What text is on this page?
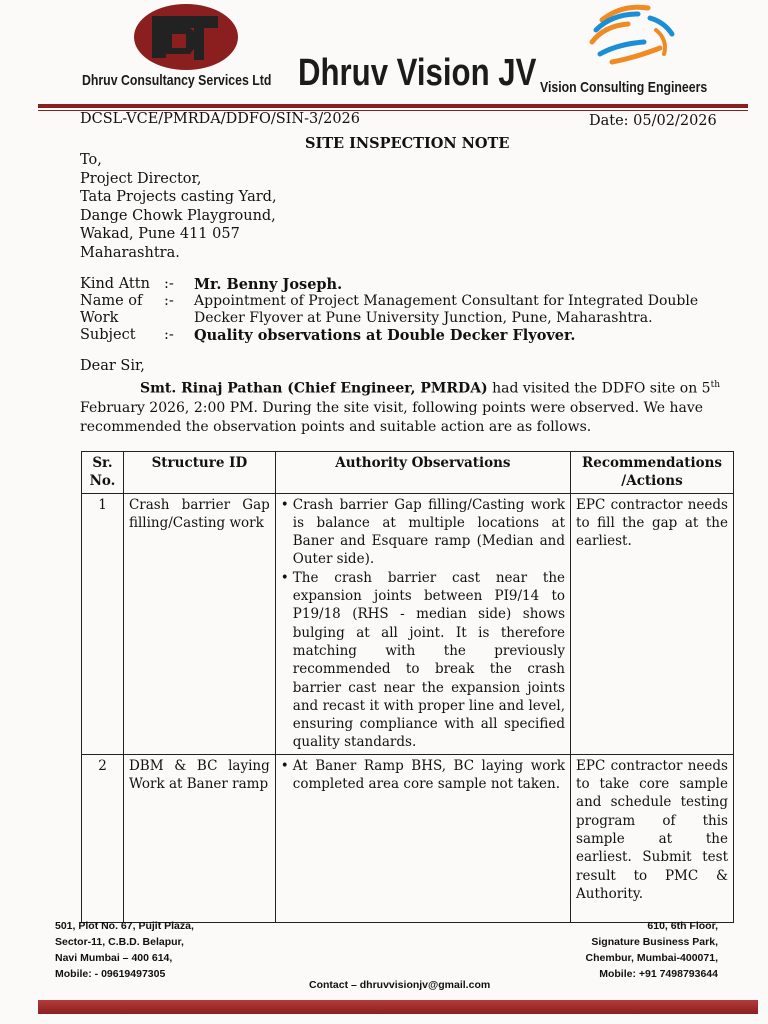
Dhruv Consultancy Services Ltd Dhruv Vision JV Vision Consulting Engineers
DCSL-VCE/PMRDA/DDFO/SIN-3/2026	Date: 05/02/2026
SITE INSPECTION NOTE
To,
Project Director,
Tata Projects casting Yard,
Dange Chowk Playground,
Wakad, Pune 411 057
Maharashtra.
Kind Attn :- Mr. Benny Joseph.
Name of
Work
:- Appointment of Project Management Consultant for Integrated Double
Decker Flyover at Pune University Junction, Pune, Maharashtra.
Subject :- Quality observations at Double Decker Flyover.
Dear Sir,
Smt. Rinaj Pathan (Chief Engineer, PMRDA) had visited the DDFO site on 5th
February 2026, 2:00 PM. During the site visit, following points were observed. We have
recommended the observation points and suitable action are as follows.
Sr. No.	Structure ID	Authority Observations	Recommendations /Actions
1	Crash barrier Gap filling/Casting work	• Crash barrier Gap filling/Casting work is balance at multiple locations at Baner and Esquare ramp (Median and Outer side).
• The crash barrier cast near the expansion joints between PI9/14 to P19/18 (RHS - median side) shows bulging at all joint. It is therefore matching with the previously recommended to break the crash barrier cast near the expansion joints and recast it with proper line and level, ensuring compliance with all specified quality standards.	EPC contractor needs to fill the gap at the earliest.
2	DBM & BC laying Work at Baner ramp	• At Baner Ramp BHS, BC laying work completed area core sample not taken.	EPC contractor needs to take core sample and schedule testing program of this sample at the earliest. Submit test result to PMC & Authority.
501, Plot No. 67, Pujit Plaza,
Sector-11, C.B.D. Belapur,
Navi Mumbai – 400 614,
Mobile: - 09619497305
610, 6th Floor,
Signature Business Park,
Chembur, Mumbai-400071,
Mobile: +91 7498793644
Contact – dhruvvisionjv@gmail.com
